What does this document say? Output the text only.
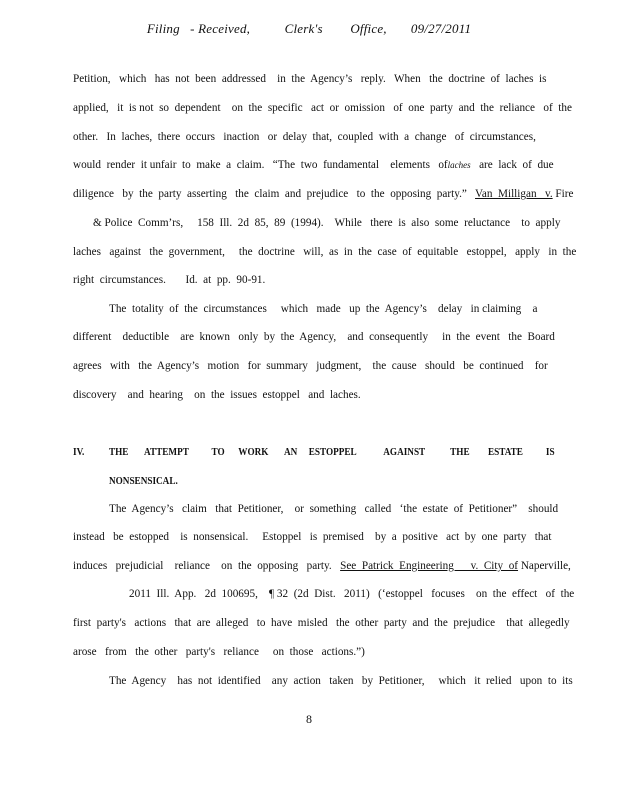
Filing   - Received,          Clerk's        Office,       09/27/2011
Petition,   which   has  not  been  addressed    in  the  Agency’s   reply.   When   the  doctrine  of  laches  is
applied,   it  is not  so  dependent    on  the  specific   act  or  omission   of  one  party  and  the  reliance   of  the
other.   In  laches,  there  occurs   inaction   or  delay  that,  coupled  with  a  change   of  circumstances,
would  render  it unfair  to  make  a  claim.   “The  two  fundamental    elements   oflaches   are  lack  of  due
diligence   by  the  party  asserting   the  claim  and  prejudice   to  the  opposing  party.”   Van  Milligan   v. Fire
& Police  Comm’rs,     158  Ill.  2d  85,  89  (1994).    While   there  is  also  some  reluctance    to  apply
laches   against   the  government,     the  doctrine   will,  as  in  the  case  of  equitable   estoppel,   apply   in  the
right  circumstances.       Id.  at  pp.  90-91.
The  totality  of  the  circumstances     which   made   up  the  Agency’s    delay   in claiming    a
different    deductible    are  known   only  by  the  Agency,    and  consequently     in  the  event   the  Board
agrees   with   the  Agency’s   motion   for  summary   judgment,    the  cause   should   be  continued    for
discovery    and  hearing    on  the  issues  estoppel   and  laches.
IV. THE       ATTEMPT          TO      WORK       AN     ESTOPPEL            AGAINST           THE        ESTATE          IS
NONSENSICAL.
The  Agency’s   claim   that  Petitioner,    or  something   called   ‘the  estate  of  Petitioner”    should
instead   be  estopped    is  nonsensical.     Estoppel   is  premised    by  a  positive   act  by  one  party   that
induces   prejudicial    reliance    on  the  opposing   party.   See  Patrick  Engineering      v.  City  of Naperville,
2011  Ill.  App.   2d  100695,    ¶ 32  (2d  Dist.   2011)   (‘estoppel   focuses    on  the  effect   of  the
first  party's   actions   that  are  alleged   to  have  misled   the  other  party  and  the  prejudice    that  allegedly
arose   from   the  other   party's   reliance     on  those   actions.”)
The  Agency    has  not  identified    any  action   taken   by  Petitioner,     which   it  relied   upon  to  its
8
